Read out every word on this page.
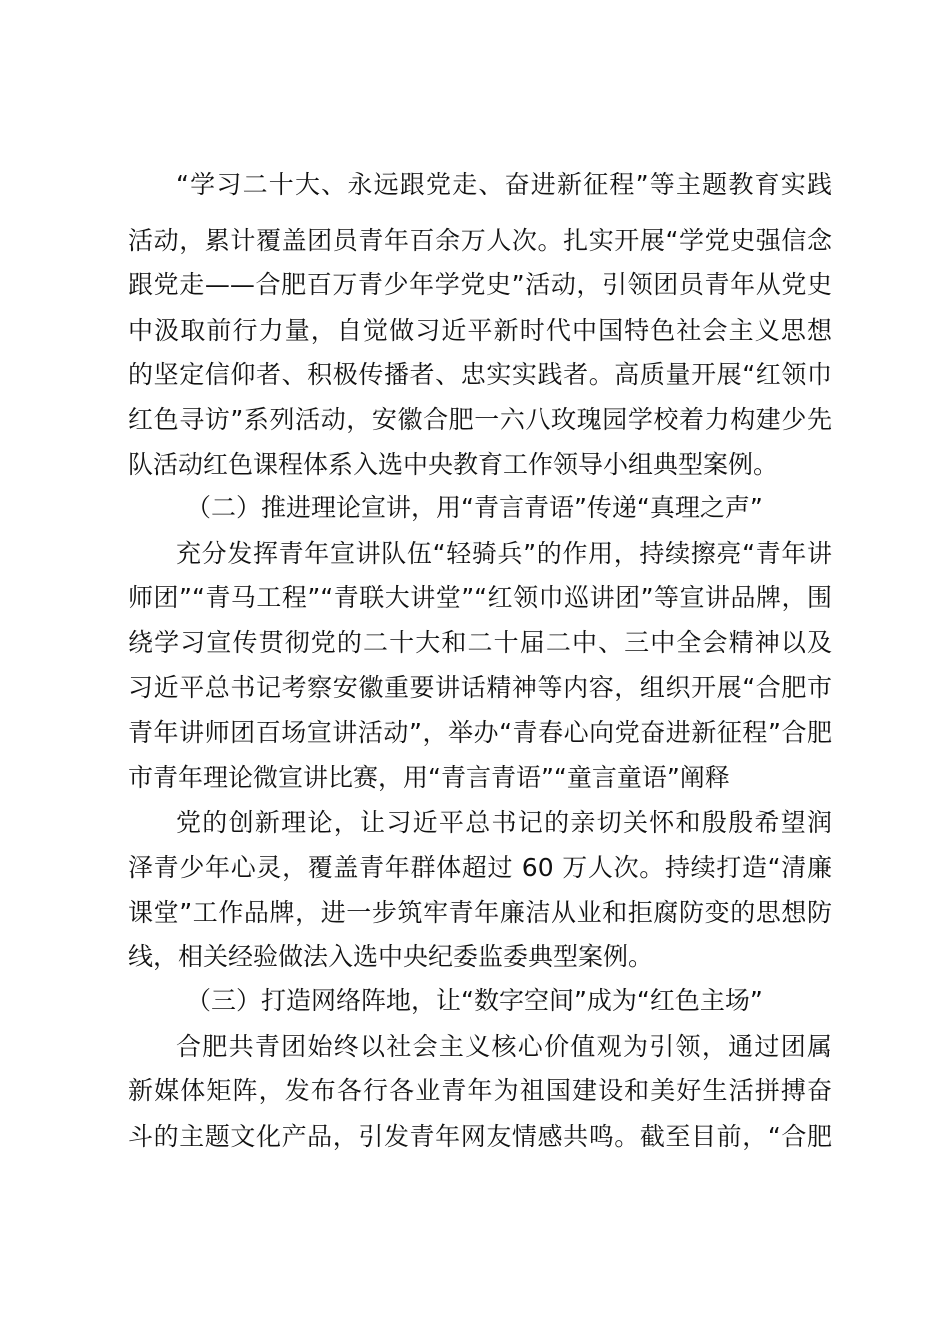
“学习二十大、永远跟党走、奋进新征程”等主题教育实践
活动，累计覆盖团员青年百余万人次。扎实开展“学党史强信念
跟党走——合肥百万青少年学党史”活动，引领团员青年从党史
中汲取前行力量，自觉做习近平新时代中国特色社会主义思想
的坚定信仰者、积极传播者、忠实实践者。高质量开展“红领巾
红色寻访”系列活动，安徽合肥一六八玫瑰园学校着力构建少先
队活动红色课程体系入选中央教育工作领导小组典型案例。
（二）推进理论宣讲，用“青言青语”传递“真理之声”
充分发挥青年宣讲队伍“轻骑兵”的作用，持续擦亮“青年讲
师团”“青马工程”“青联大讲堂”“红领巾巡讲团”等宣讲品牌，围
绕学习宣传贯彻党的二十大和二十届二中、三中全会精神以及
习近平总书记考察安徽重要讲话精神等内容，组织开展“合肥市
青年讲师团百场宣讲活动”，举办“青春心向党奋进新征程”合肥
市青年理论微宣讲比赛，用“青言青语”“童言童语”阐释
党的创新理论，让习近平总书记的亲切关怀和殷殷希望润
泽青少年心灵，覆盖青年群体超过 60 万人次。持续打造“清廉
课堂”工作品牌，进一步筑牢青年廉洁从业和拒腐防变的思想防
线，相关经验做法入选中央纪委监委典型案例。
（三）打造网络阵地，让“数字空间”成为“红色主场”
合肥共青团始终以社会主义核心价值观为引领，通过团属
新媒体矩阵，发布各行各业青年为祖国建设和美好生活拼搏奋
斗的主题文化产品，引发青年网友情感共鸣。截至目前，“合肥
